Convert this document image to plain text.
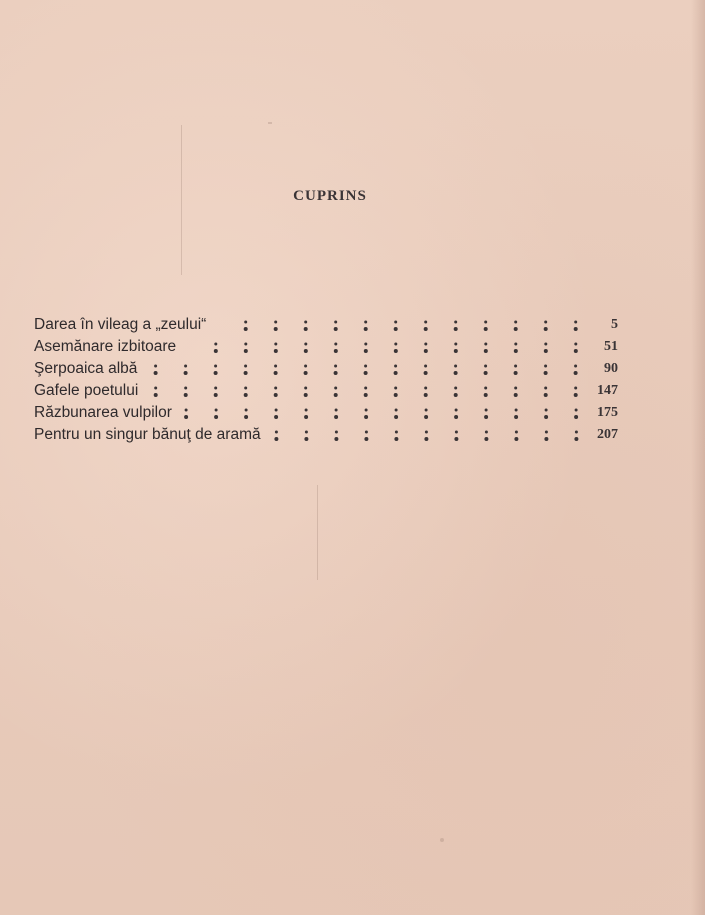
CUPRINS
Darea în vileag a „zeului“	5
Asemănare izbitoare	51
Şerpoaica albă	90
Gafele poetului	147
Răzbunarea vulpilor	175
Pentru un singur bănuţ de aramă	207
